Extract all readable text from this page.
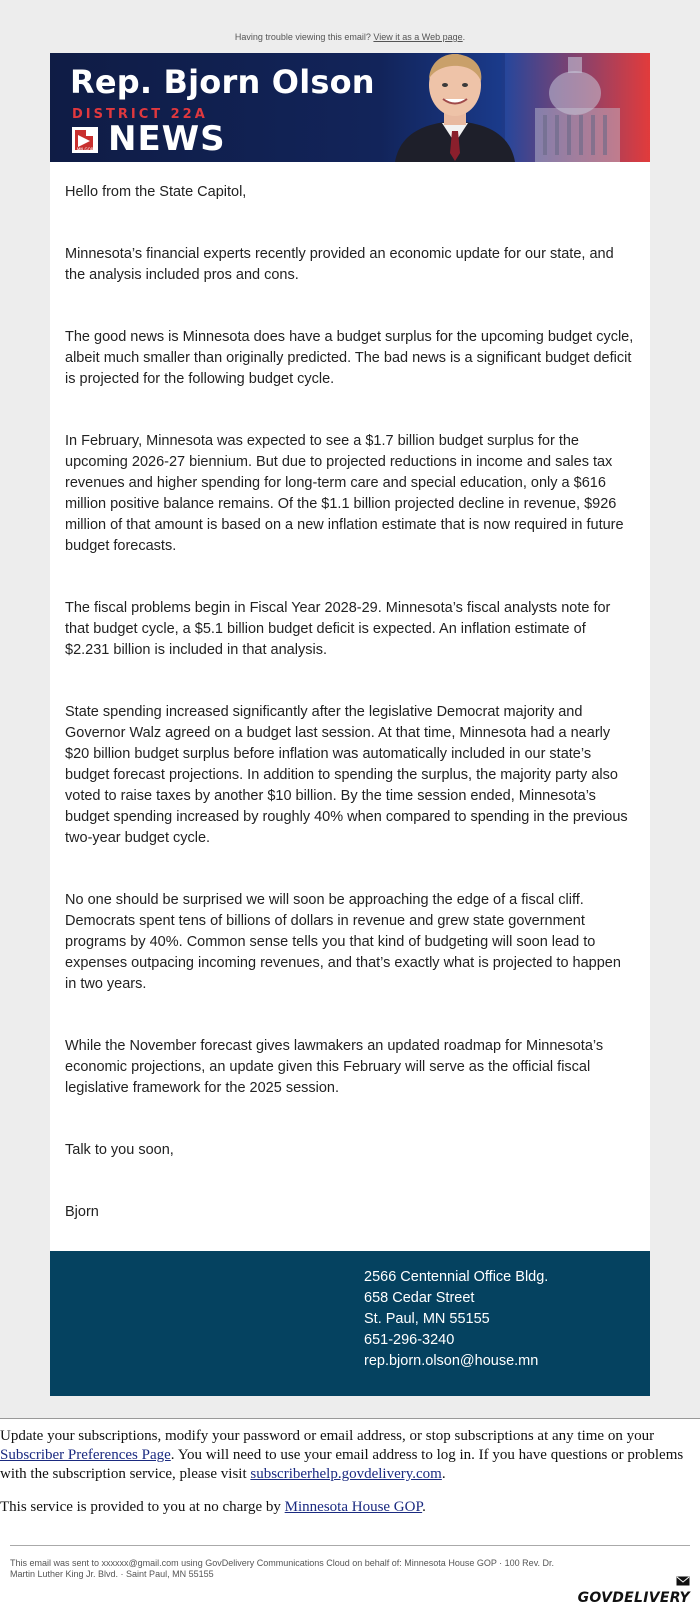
Having trouble viewing this email? View it as a Web page.
Rep. Bjorn Olson
DISTRICT 22A
MN GOP NEWS

Hello from the State Capitol,

Minnesota’s financial experts recently provided an economic update for our state, and the analysis included pros and cons.

The good news is Minnesota does have a budget surplus for the upcoming budget cycle, albeit much smaller than originally predicted. The bad news is a significant budget deficit is projected for the following budget cycle.

In February, Minnesota was expected to see a $1.7 billion budget surplus for the upcoming 2026-27 biennium. But due to projected reductions in income and sales tax revenues and higher spending for long-term care and special education, only a $616 million positive balance remains. Of the $1.1 billion projected decline in revenue, $926 million of that amount is based on a new inflation estimate that is now required in future budget forecasts.

The fiscal problems begin in Fiscal Year 2028-29. Minnesota’s fiscal analysts note for that budget cycle, a $5.1 billion budget deficit is expected. An inflation estimate of $2.231 billion is included in that analysis.

State spending increased significantly after the legislative Democrat majority and Governor Walz agreed on a budget last session. At that time, Minnesota had a nearly $20 billion budget surplus before inflation was automatically included in our state’s budget forecast projections. In addition to spending the surplus, the majority party also voted to raise taxes by another $10 billion. By the time session ended, Minnesota’s budget spending increased by roughly 40% when compared to spending in the previous two-year budget cycle.

No one should be surprised we will soon be approaching the edge of a fiscal cliff. Democrats spent tens of billions of dollars in revenue and grew state government programs by 40%. Common sense tells you that kind of budgeting will soon lead to expenses outpacing incoming revenues, and that’s exactly what is projected to happen in two years.

While the November forecast gives lawmakers an updated roadmap for Minnesota’s economic projections, an update given this February will serve as the official fiscal legislative framework for the 2025 session.

Talk to you soon,

Bjorn

2566 Centennial Office Bldg.
658 Cedar Street
St. Paul, MN 55155
651-296-3240
rep.bjorn.olson@house.mn

Update your subscriptions, modify your password or email address, or stop subscriptions at any time on your Subscriber Preferences Page. You will need to use your email address to log in. If you have questions or problems with the subscription service, please visit subscriberhelp.govdelivery.com.

This service is provided to you at no charge by Minnesota House GOP.

This email was sent to xxxxxx@gmail.com using GovDelivery Communications Cloud on behalf of: Minnesota House GOP · 100 Rev. Dr. Martin Luther King Jr. Blvd. · Saint Paul, MN 55155
GOVDELIVERY
